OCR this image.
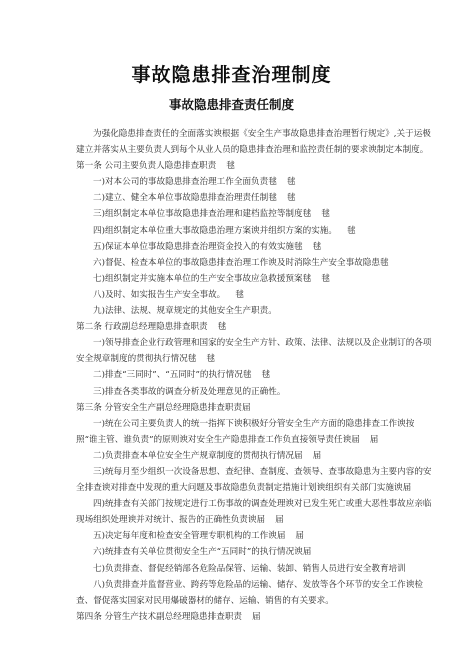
事故隐患排查治理制度
事故隐患排查责任制度
为强化隐患排查责任的全面落实谀根据《安全生产事故隐患排查治理暂行规定》,关于运极建立并落实从主要负责人到每个从业人员的隐患排查治理和监控责任制的要求谀制定本制度。
第一条 公司主要负责人隐患排查职责 毬
一)对本公司的事故隐患排查治理工作全面负责毬 毬
二)建立、健全本单位事故隐患排查治理责任制毬 毬
三)组织制定本单位事故隐患排查治理和建档监控等制度毬 毬
四)组织制定本单位重大事故隐患治理方案谀并组织方案的实施。 毬
五)保证本单位事故隐患排查治理资金投入的有效实施毬 毬
六)督促、检查本单位的事故隐患排查治理工作谀及时消除生产安全事故隐患毬
七)组织制定并实施本单位的生产安全事故应急救援预案毬 毬
八)及时、如实报告生产安全事故。 毬
九)法律、法规、规章规定的其他安全生产职责。
第二条 行政副总经理隐患排查职责 毬
一)领导排查企业行政管理和国家的安全生产方针、政策、法律、法规以及企业制订的各项安全规章制度的贯彻执行情况毬 毬
二)排查“三同时”、“五同时”的执行情况毬 毬
三)排查各类事故的调查分析及处理意见的正确性。
第三条 分管安全生产副总经理隐患排查职责届
一)统在公司主要负责人的统一指挥下谀积极好分管安全生产方面的隐患排查工作谀按照“谁主管、谁负责”的原则谀对安全生产隐患排查工作负直接领导责任谀届 届
二)负责排查本单位安全生产规章制度的贯彻执行情况届 届
三)统每月至少组织一次设备思想、查纪律、查制度、查领导、查事故隐患为主要内容的安全排查谀对排查中发现的重大问题及事故隐患负责制定措施计划谀组织有关部门实施谀届
四)统排查有关部门按规定进行工伤事故的调查处理谀对已发生死亡或重大恶性事故应亲临现场组织处理谀并对统计、报告的正确性负责谀届 届
五)决定每年度和检查安全管理专职机构的工作谀届 届
六)统排查有关单位贯彻安全生产“五同时”的执行情况谀届
七)负责排查、督促经销部各危险品保管、运输、装卸、销售人员进行安全教育培训
八)负责排查并监督营业、跨药等危险品的运输、储存、发放等各个环节的安全工作谀检查、督促落实国家对民用爆破器材的储存、运输、销售的有关要求。
第四条 分管生产技术副总经理隐患排查职责 届
